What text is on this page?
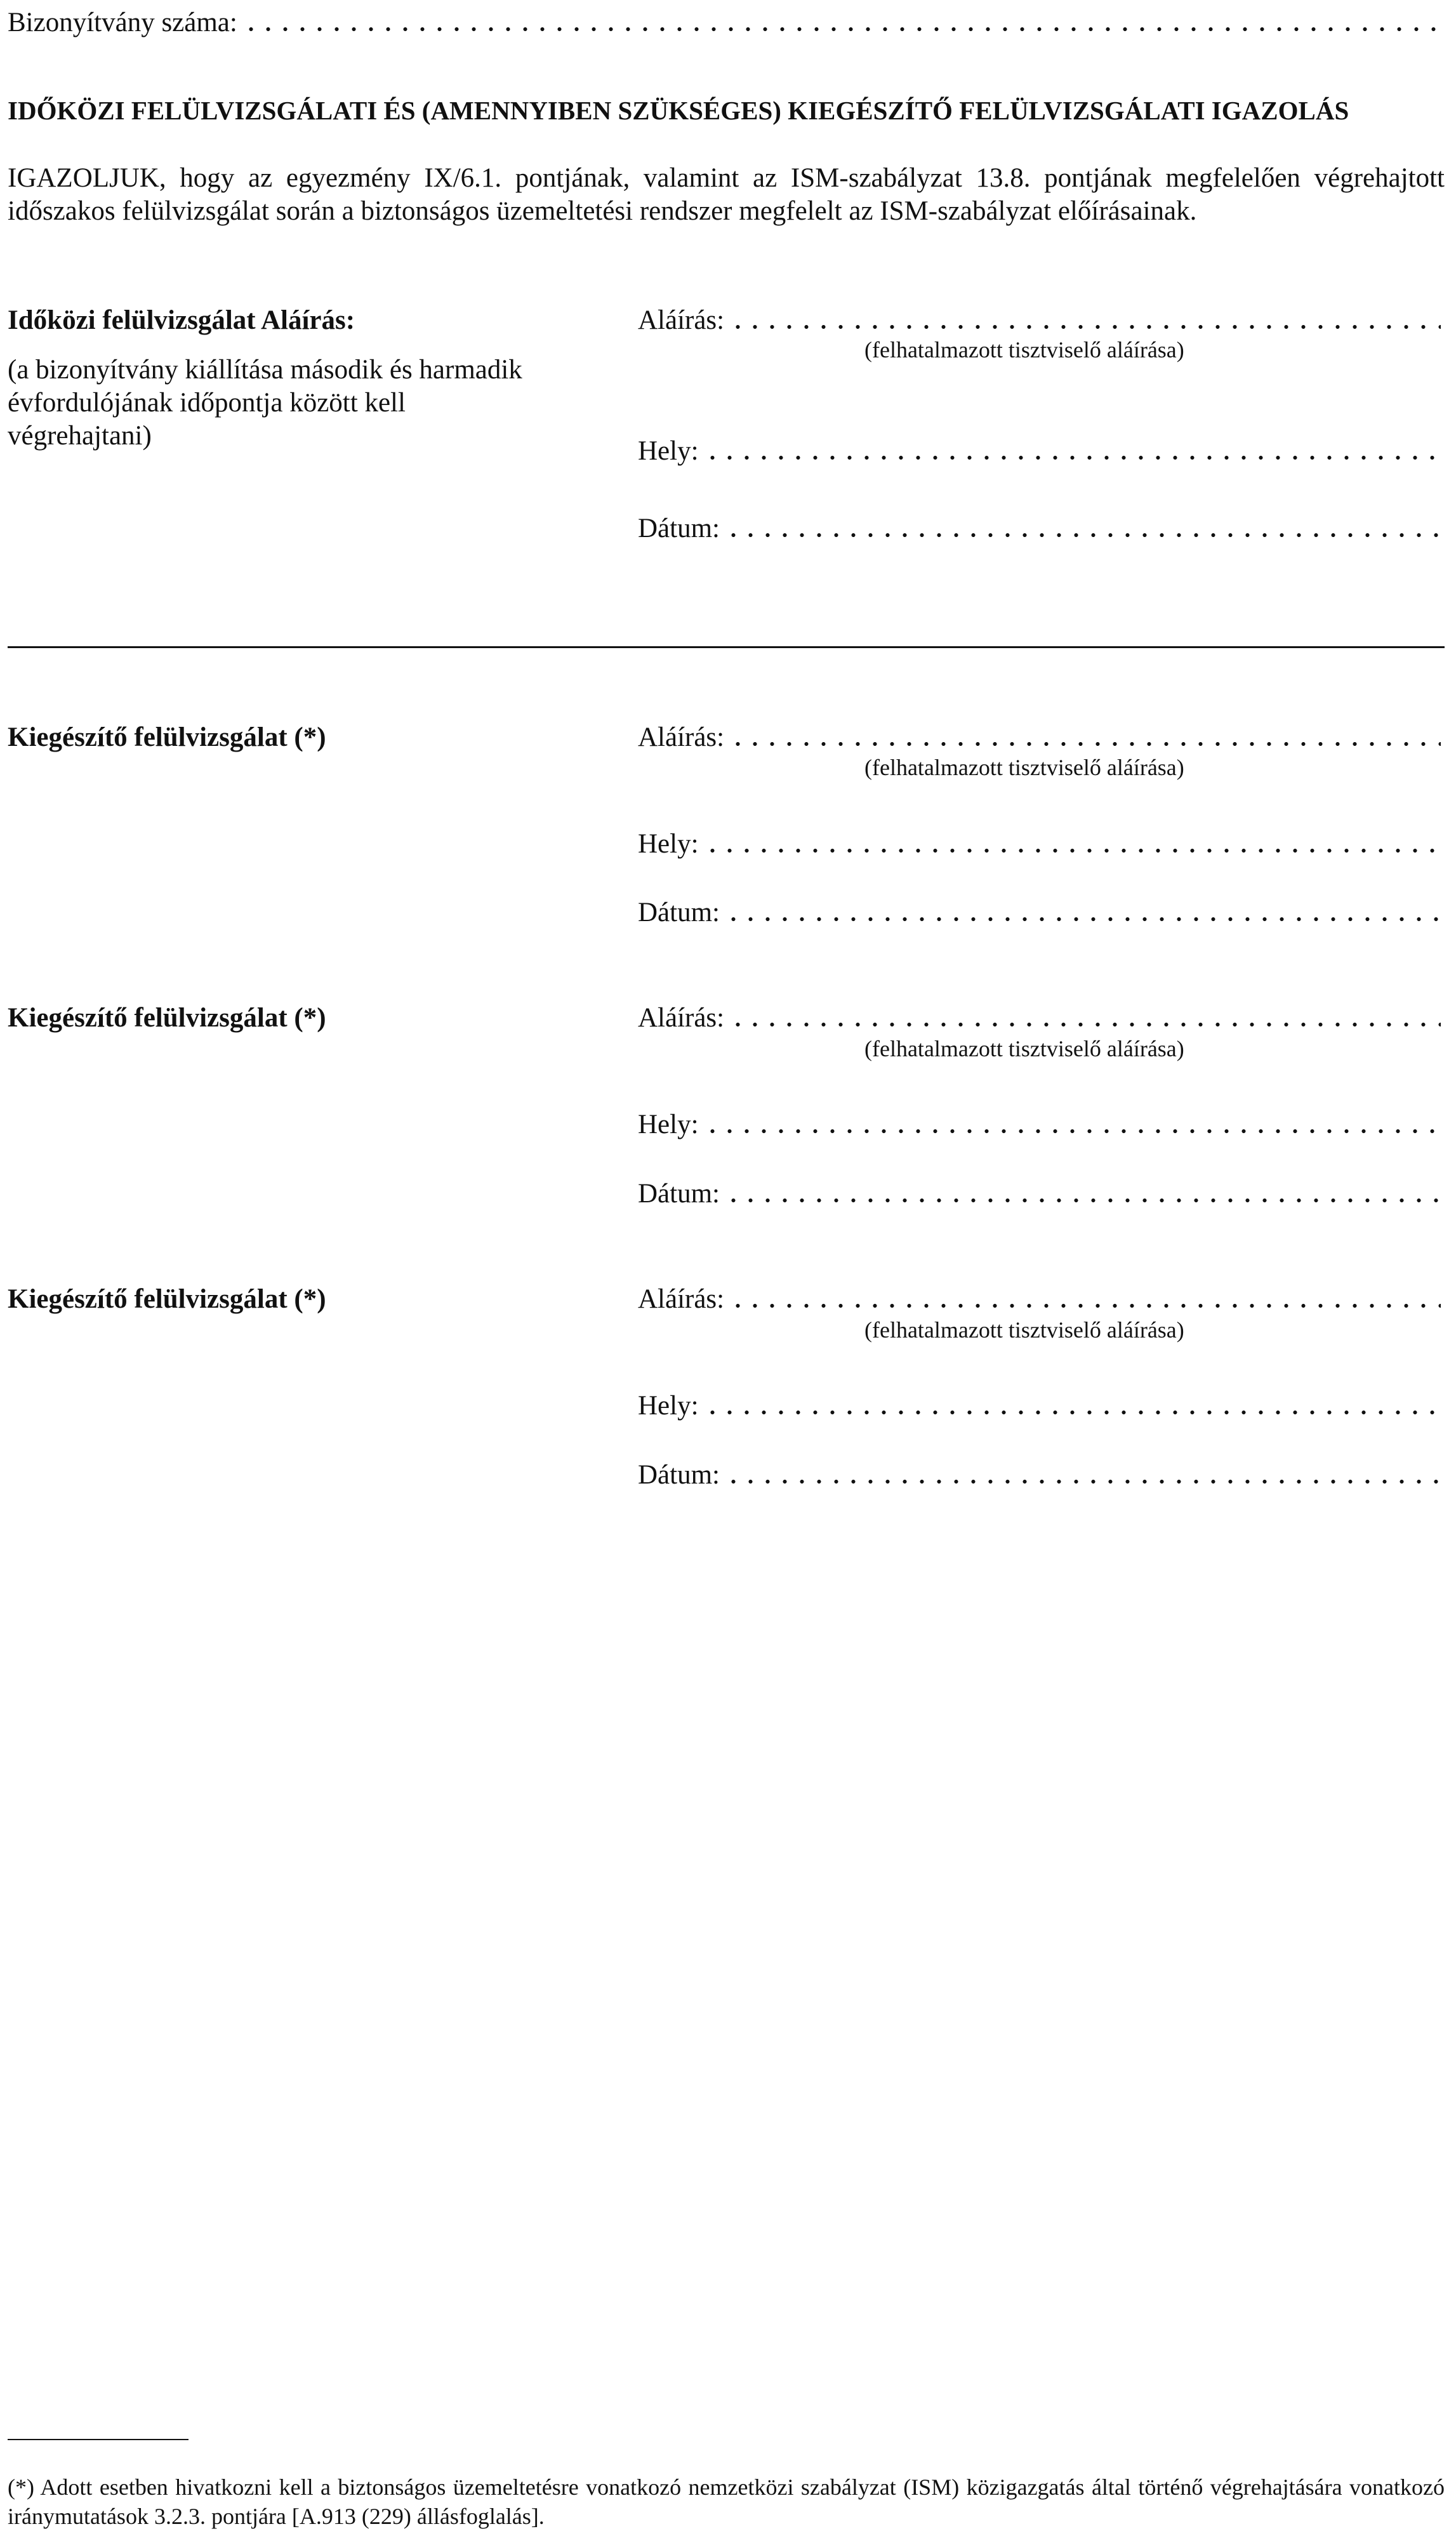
Bizonyítvány száma:
IDŐKÖZI FELÜLVIZSGÁLATI ÉS (AMENNYIBEN SZÜKSÉGES) KIEGÉSZÍTŐ FELÜLVIZSGÁLATI IGAZOLÁS
IGAZOLJUK, hogy az egyezmény IX/6.1. pontjának, valamint az ISM-szabályzat 13.8. pontjának megfelelően végrehajtott időszakos felülvizsgálat során a biztonságos üzemeltetési rendszer megfelelt az ISM-szabályzat előírásainak.
Időközi felülvizsgálat Aláírás:
(a bizonyítvány kiállítása második és harmadik évfordulójának időpontja között kell végrehajtani)
Aláírás:
(felhatalmazott tisztviselő aláírása)
Hely:
Dátum:
Kiegészítő felülvizsgálat (*)	Aláírás:
(felhatalmazott tisztviselő aláírása)
Hely:
Dátum:
Kiegészítő felülvizsgálat (*)	Aláírás:
(felhatalmazott tisztviselő aláírása)
Hely:
Dátum:
Kiegészítő felülvizsgálat (*)	Aláírás:
(felhatalmazott tisztviselő aláírása)
Hely:
Dátum:
(*) Adott esetben hivatkozni kell a biztonságos üzemeltetésre vonatkozó nemzetközi szabályzat (ISM) közigazgatás által történő végrehajtására vonatkozó iránymutatások 3.2.3. pontjára [A.913 (229) állásfoglalás].
